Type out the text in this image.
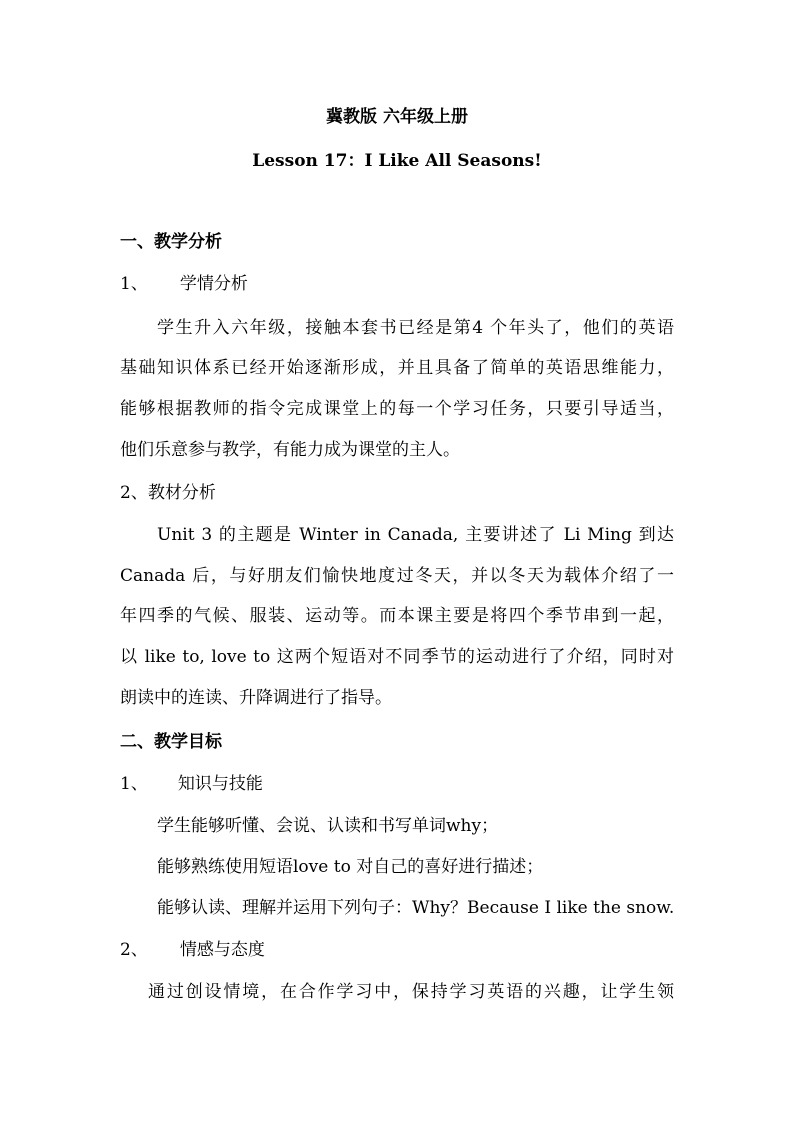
冀教版 六年级上册
Lesson 17：I Like All Seasons!
一、教学分析
1、 学情分析
学生升入六年级，接触本套书已经是第4 个年头了，他们的英语
基础知识体系已经开始逐渐形成，并且具备了简单的英语思维能力，
能够根据教师的指令完成课堂上的每一个学习任务，只要引导适当，
他们乐意参与教学，有能力成为课堂的主人。
2、教材分析
Unit 3 的主题是 Winter in Canada, 主要讲述了 Li Ming 到达
Canada 后，与好朋友们愉快地度过冬天，并以冬天为载体介绍了一
年四季的气候、服装、运动等。而本课主要是将四个季节串到一起，
以 like to, love to 这两个短语对不同季节的运动进行了介绍，同时对
朗读中的连读、升降调进行了指导。
二、教学目标
1、 知识与技能
学生能够听懂、会说、认读和书写单词why；
能够熟练使用短语love to 对自己的喜好进行描述；
能够认读、理解并运用下列句子：Why？Because I like the snow.
2、 情感与态度
通过创设情境，在合作学习中，保持学习英语的兴趣，让学生领
